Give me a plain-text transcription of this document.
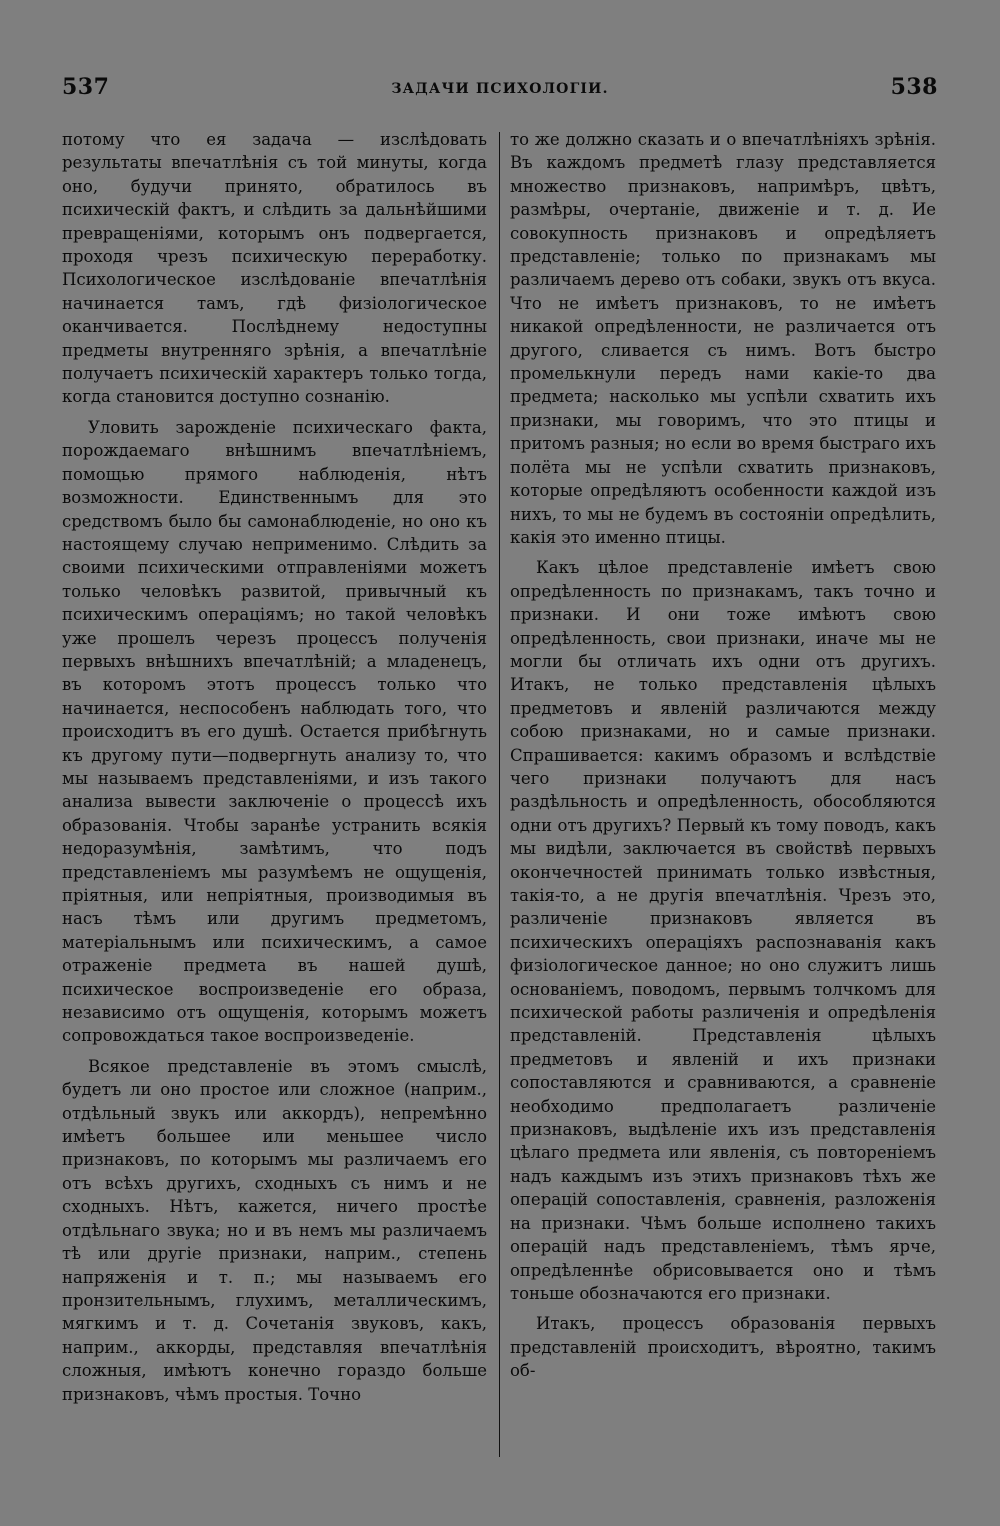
537	ЗАДАЧИ ПСИХОЛОГIИ.	538

потому что ея задача — изслѣдовать результаты впечатлѣнія съ той минуты, когда оно, будучи принято, обратилось въ психическій фактъ, и слѣдить за дальнѣйшими превращеніями, которымъ онъ подвергается, проходя чрезъ психическую переработку. Психологическое изслѣдованіе впечатлѣнія начинается тамъ, гдѣ физіологическое оканчивается. Послѣднему недоступны предметы внутренняго зрѣнія, а впечатлѣніе получаетъ психическій характеръ только тогда, когда становится доступно сознанію.

Уловить зарожденіе психическаго факта, порождаемаго внѣшнимъ впечатлѣніемъ, помощью прямого наблюденія, нѣтъ возможности. Единственнымъ для это средствомъ было бы самонаблюденіе, но оно къ настоящему случаю неприменимо. Слѣдить за своими психическими отправленіями можетъ только человѣкъ развитой, привычный къ психическимъ операціямъ; но такой человѣкъ уже прошелъ черезъ процессъ полученія первыхъ внѣшнихъ впечатлѣній; а младенецъ, въ которомъ этотъ процессъ только что начинается, неспособенъ наблюдать того, что происходитъ въ его душѣ. Остается прибѣгнуть къ другому пути—подвергнуть анализу то, что мы называемъ представленіями, и изъ такого анализа вывести заключеніе о процессѣ ихъ образованія. Чтобы заранѣе устранить всякія недоразумѣнія, замѣтимъ, что подъ представленіемъ мы разумѣемъ не ощущенія, пріятныя, или непріятныя, производимыя въ насъ тѣмъ или другимъ предметомъ, матеріальнымъ или психическимъ, а самое отраженіе предмета въ нашей душѣ, психическое воспроизведеніе его образа, независимо отъ ощущенія, которымъ можетъ сопровождаться такое воспроизведеніе.

Всякое представленіе въ этомъ смыслѣ, будетъ ли оно простое или сложное (наприм., отдѣльный звукъ или аккордъ), непремѣнно имѣетъ большее или меньшее число признаковъ, по которымъ мы различаемъ его отъ всѣхъ другихъ, сходныхъ съ нимъ и не сходныхъ. Нѣтъ, кажется, ничего простѣе отдѣльнаго звука; но и въ немъ мы различаемъ тѣ или другіе признаки, наприм., степень напряженія и т. п.; мы называемъ его пронзительнымъ, глухимъ, металлическимъ, мягкимъ и т. д. Сочетанія звуковъ, какъ, наприм., аккорды, представляя впечатлѣнія сложныя, имѣютъ конечно гораздо больше признаковъ, чѣмъ простыя. Точно

то же должно сказать и о впечатлѣніяхъ зрѣнія. Въ каждомъ предметѣ глазу представляется множество признаковъ, напримѣръ, цвѣтъ, размѣры, очертаніе, движеніе и т. д. Ие совокупность признаковъ и опредѣляетъ представленіе; только по признакамъ мы различаемъ дерево отъ собаки, звукъ отъ вкуса. Что не имѣетъ признаковъ, то не имѣетъ никакой опредѣленности, не различается отъ другого, сливается съ нимъ. Вотъ быстро промелькнули передъ нами какіе-то два предмета; насколько мы успѣли схватить ихъ признаки, мы говоримъ, что это птицы и притомъ разныя; но если во время быстраго ихъ полёта мы не успѣли схватить признаковъ, которые опредѣляютъ особенности каждой изъ нихъ, то мы не будемъ въ состояніи опредѣлить, какія это именно птицы.

Какъ цѣлое представленіе имѣетъ свою опредѣленность по признакамъ, такъ точно и признаки. И они тоже имѣютъ свою опредѣленность, свои признаки, иначе мы не могли бы отличать ихъ одни отъ другихъ. Итакъ, не только представленія цѣлыхъ предметовъ и явленій различаются между собою признаками, но и самые признаки. Спрашивается: какимъ образомъ и вслѣдствіе чего признаки получаютъ для насъ раздѣльность и опредѣленность, обособляются одни отъ другихъ? Первый къ тому поводъ, какъ мы видѣли, заключается въ свойствѣ первыхъ окончечностей принимать только извѣстныя, такія-то, а не другія впечатлѣнія. Чрезъ это, различеніе признаковъ является въ психическихъ операціяхъ распознаванія какъ физіологическое данное; но оно служитъ лишь основаніемъ, поводомъ, первымъ толчкомъ для психической работы различенія и опредѣленія представленій. Представленія цѣлыхъ предметовъ и явленій и ихъ признаки сопоставляются и сравниваются, а сравненіе необходимо предполагаетъ различеніе признаковъ, выдѣленіе ихъ изъ представленія цѣлаго предмета или явленія, съ повтореніемъ надъ каждымъ изъ этихъ признаковъ тѣхъ же операцій сопоставленія, сравненія, разложенія на признаки. Чѣмъ больше исполнено такихъ операцій надъ представленіемъ, тѣмъ ярче, опредѣленнѣе обрисовывается оно и тѣмъ тоньше обозначаются его признаки.

Итакъ, процессъ образованія первыхъ представленій происходитъ, вѣроятно, такимъ об-
